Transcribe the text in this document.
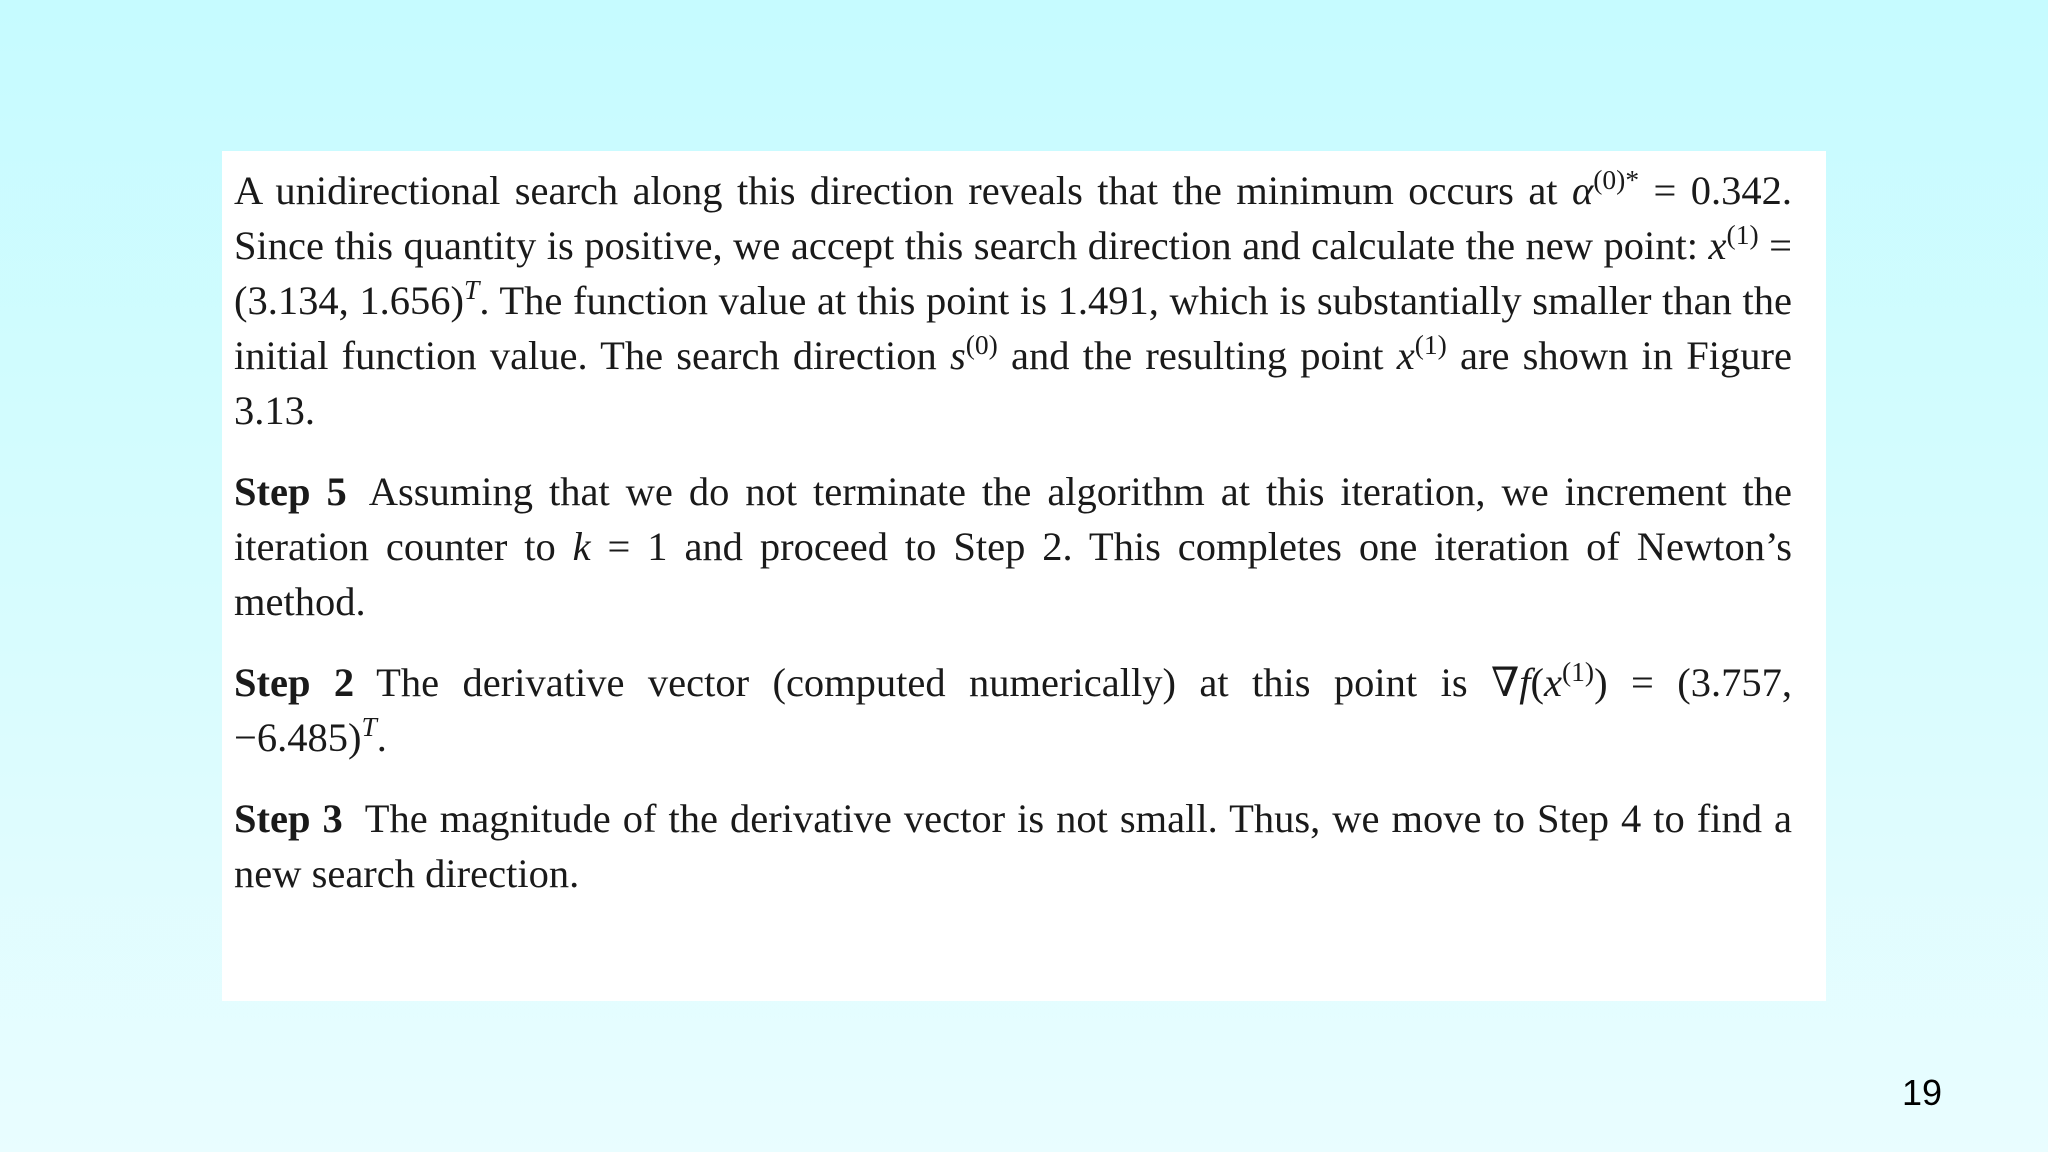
A unidirectional search along this direction reveals that the minimum occurs at $\alpha^{(0)*} = 0.342$. Since this quantity is positive, we accept this search direction and calculate the new point: $x^{(1)} = (3.134$, 1.656)$^T$. The function value at this point is 1.491, which is substantially smaller than the initial function value. The search direction $s^{(0)}$ and the resulting point $x^{(1)}$ are shown in Figure 3.13.

Step 5 Assuming that we do not terminate the algorithm at this iteration, we increment the iteration counter to k = 1 and proceed to Step 2. This completes one iteration of Newton’s method.

Step 2 The derivative vector (computed numerically) at this point is $\nabla f(x^{(1)}) = (3.757$, −6.485)$^T$.

Step 3 The magnitude of the derivative vector is not small. Thus, we move to Step 4 to find a new search direction.

19
